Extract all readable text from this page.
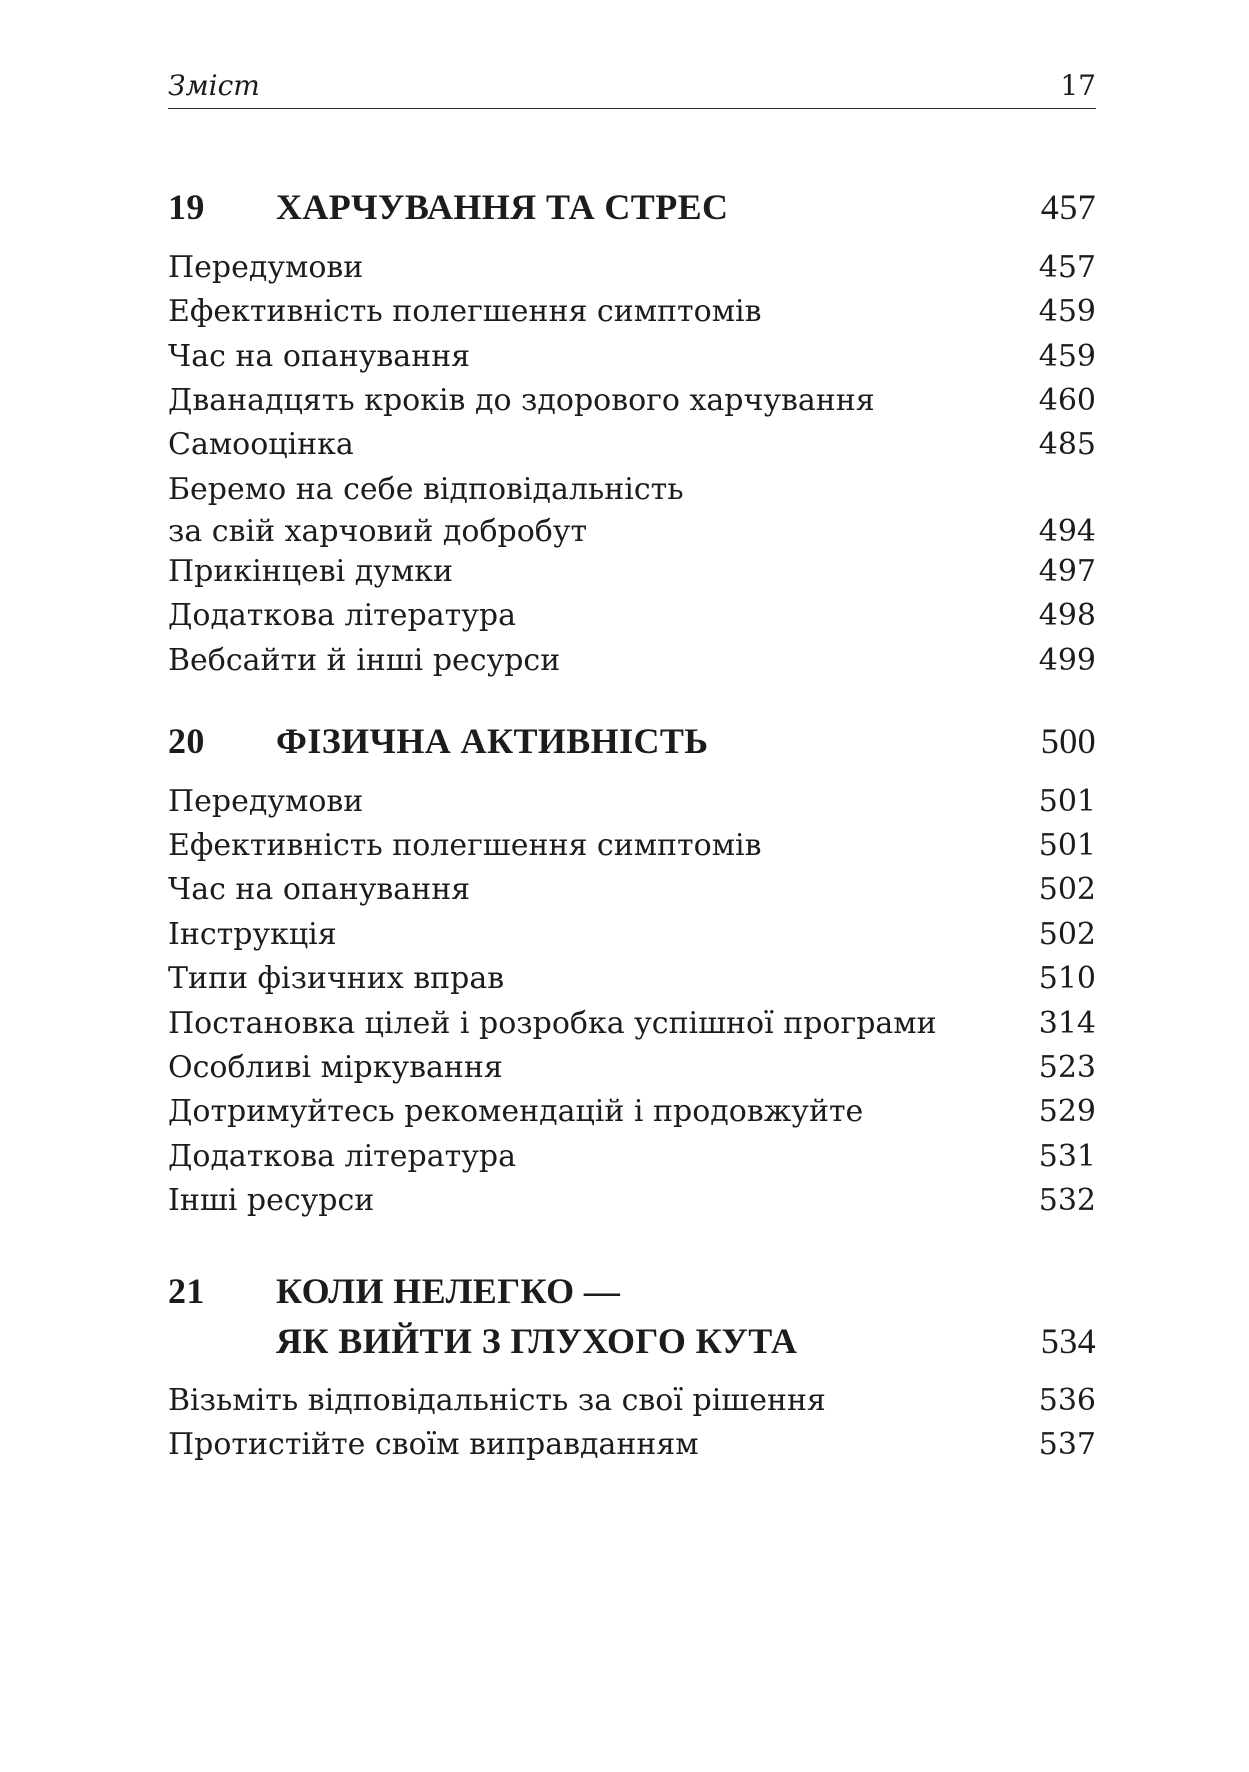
Зміст	17
19 ХАРЧУВАННЯ ТА СТРЕС	457
Передумови	457
Ефективність полегшення симптомів	459
Час на опанування	459
Дванадцять кроків до здорового харчування	460
Самооцінка	485
Беремо на себе відповідальність
за свій харчовий добробут	494
Прикінцеві думки	497
Додаткова література	498
Вебсайти й інші ресурси	499
20 ФІЗИЧНА АКТИВНІСТЬ	500
Передумови	501
Ефективність полегшення симптомів	501
Час на опанування	502
Інструкція	502
Типи фізичних вправ	510
Постановка цілей і розробка успішної програми	314
Особливі міркування	523
Дотримуйтесь рекомендацій і продовжуйте	529
Додаткова література	531
Інші ресурси	532
21 КОЛИ НЕЛЕГКО —
ЯК ВИЙТИ З ГЛУХОГО КУТА	534
Візьміть відповідальність за свої рішення	536
Протистійте своїм виправданням	537
